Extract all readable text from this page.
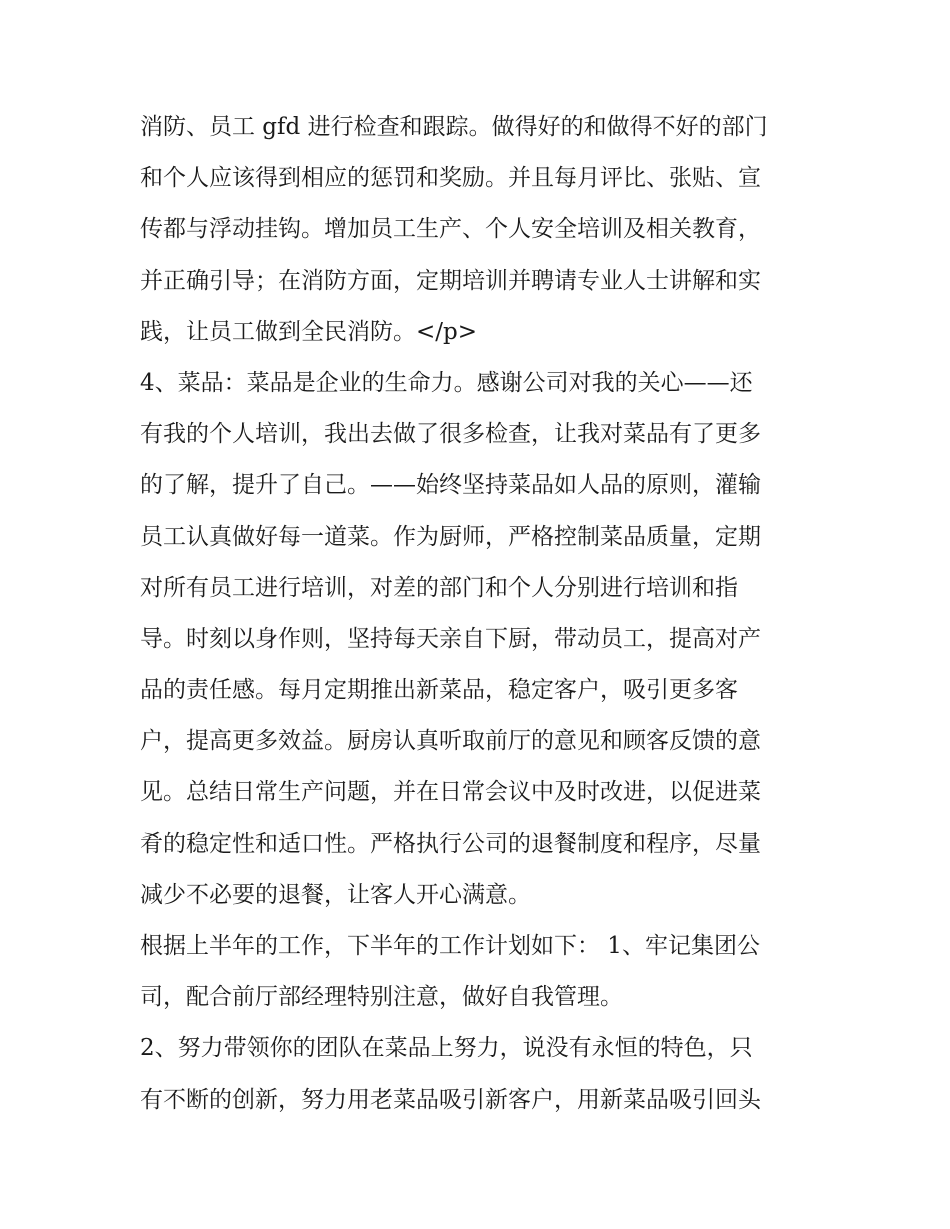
消防、员工 gfd 进行检查和跟踪。做得好的和做得不好的部门
和个人应该得到相应的惩罚和奖励。并且每月评比、张贴、宣
传都与浮动挂钩。增加员工生产、个人安全培训及相关教育，
并正确引导；在消防方面，定期培训并聘请专业人士讲解和实
践，让员工做到全民消防。</p>
4、菜品：菜品是企业的生命力。感谢公司对我的关心——还
有我的个人培训，我出去做了很多检查，让我对菜品有了更多
的了解，提升了自己。——始终坚持菜品如人品的原则，灌输
员工认真做好每一道菜。作为厨师，严格控制菜品质量，定期
对所有员工进行培训，对差的部门和个人分别进行培训和指
导。时刻以身作则，坚持每天亲自下厨，带动员工，提高对产
品的责任感。每月定期推出新菜品，稳定客户，吸引更多客
户，提高更多效益。厨房认真听取前厅的意见和顾客反馈的意
见。总结日常生产问题，并在日常会议中及时改进，以促进菜
肴的稳定性和适口性。严格执行公司的退餐制度和程序，尽量
减少不必要的退餐，让客人开心满意。
根据上半年的工作，下半年的工作计划如下： 1、牢记集团公
司，配合前厅部经理特别注意，做好自我管理。
2、努力带领你的团队在菜品上努力，说没有永恒的特色，只
有不断的创新，努力用老菜品吸引新客户，用新菜品吸引回头
